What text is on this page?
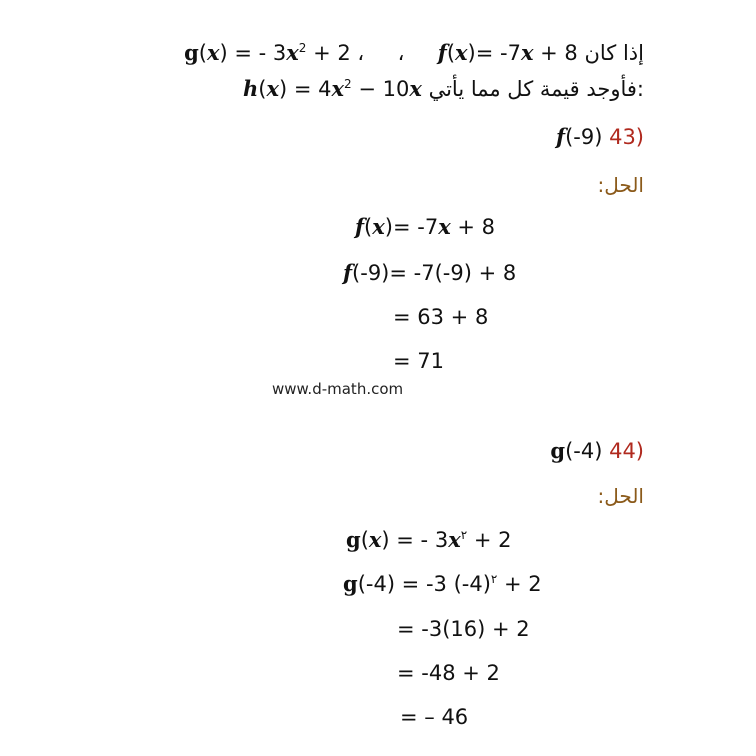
g(x) = - $3x^2 + 2$ ، ، f(x)= -7x + 8 إذا كان
$h(x) = 4x^2 - 10x$ فأوجد قيمة كل مما يأتي:
f(-9) 43)
الحل:
f(x)= -7x + 8
f(-9)= -7(-9) + 8
= 63 + 8
= 71
www.d-math.com
g(-4) 44)
الحل:
g(x) = - $3x^٢ + 2$
g(-4) = -3 $(-4)^٢ + 2$
= -3(16) + 2
= -48 + 2
= – 46
